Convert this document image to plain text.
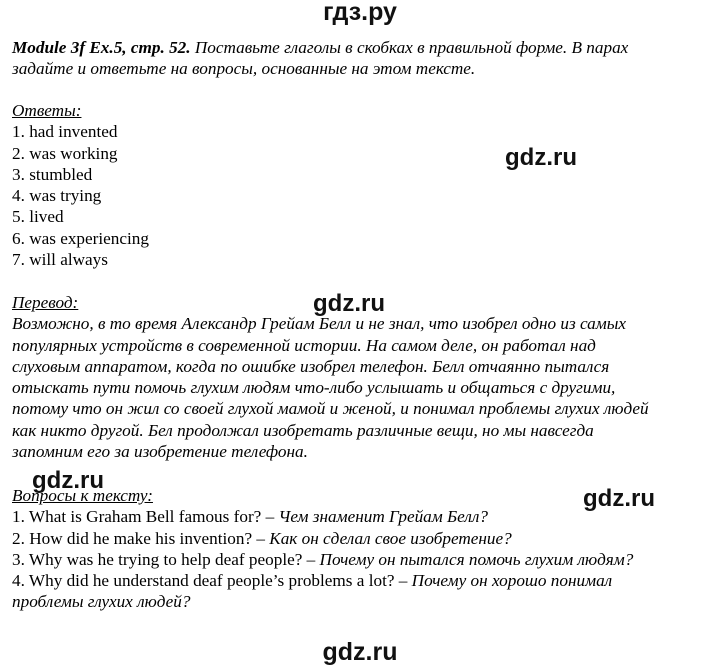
гдз.ру
Module 3f Ex.5, стр. 52. Поставьте глаголы в скобках в правильной форме. В парах
задайте и ответьте на вопросы, основанные на этом тексте.
Ответы:
1. had invented
2. was working
3. stumbled
4. was trying
5. lived
6. was experiencing
7. will always
gdz.ru
Перевод:
Возможно, в то время Александр Грейам Белл и не знал, что изобрел одно из самых
популярных устройств в современной истории. На самом деле, он работал над
слуховым аппаратом, когда по ошибке изобрел телефон. Белл отчаянно пытался
отыскать пути помочь глухим людям что-либо услышать и общаться с другими,
потому что он жил со своей глухой мамой и женой, и понимал проблемы глухих людей
как никто другой. Бел продолжал изобретать различные вещи, но мы навсегда
запомним его за изобретение телефона.
gdz.ru
gdz.ru
Вопросы к тексту:
1. What is Graham Bell famous for? – Чем знаменит Грейам Белл?
2. How did he make his invention? – Как он сделал свое изобретение?
3. Why was he trying to help deaf people? – Почему он пытался помочь глухим людям?
4. Why did he understand deaf people’s problems a lot? – Почему он хорошо понимал
проблемы глухих людей?
gdz.ru
gdz.ru
